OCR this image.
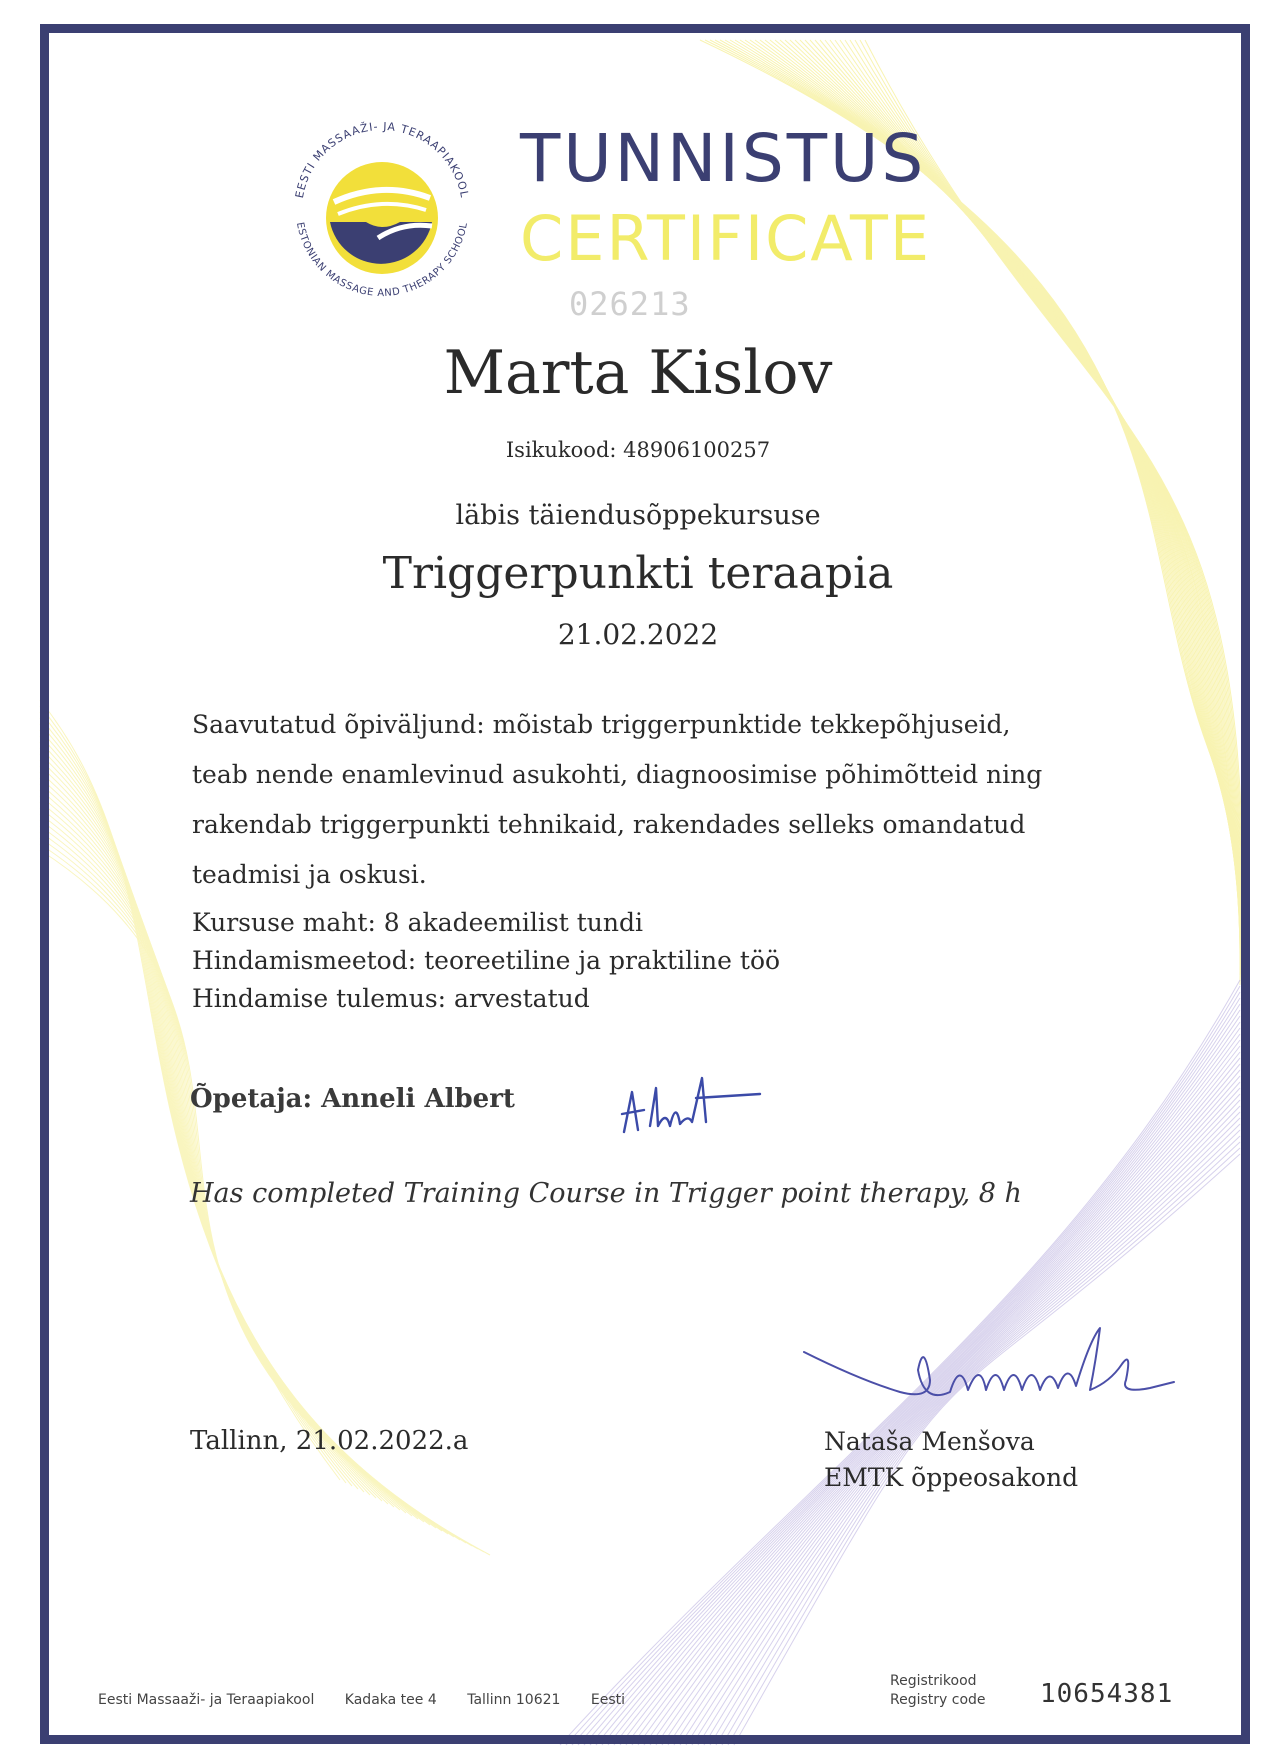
EESTI MASSAAŽI- JA TERAAPIAKOOL
ESTONIAN MASSAGE AND THERAPY SCHOOL
TUNNISTUS
CERTIFICATE
026213
Marta Kislov
Isikukood: 48906100257
läbis täiendusõppekursuse
Triggerpunkti teraapia
21.02.2022
Saavutatud õpiväljund: mõistab triggerpunktide tekkepõhjuseid, teab nende enamlevinud asukohti, diagnoosimise põhimõtteid ning rakendab triggerpunkti tehnikaid, rakendades selleks omandatud teadmisi ja oskusi.
Kursuse maht: 8 akadeemilist tundi
Hindamismeetod: teoreetiline ja praktiline töö
Hindamise tulemus: arvestatud
Õpetaja: Anneli Albert
Has completed Training Course in Trigger point therapy, 8 h
Tallinn, 21.02.2022.a	Nataša Menšova
EMTK õppeosakond
Eesti Massaaži- ja Teraapiakool Kadaka tee 4 Tallinn 10621 Eesti
Registrikood
Registry code 10654381
